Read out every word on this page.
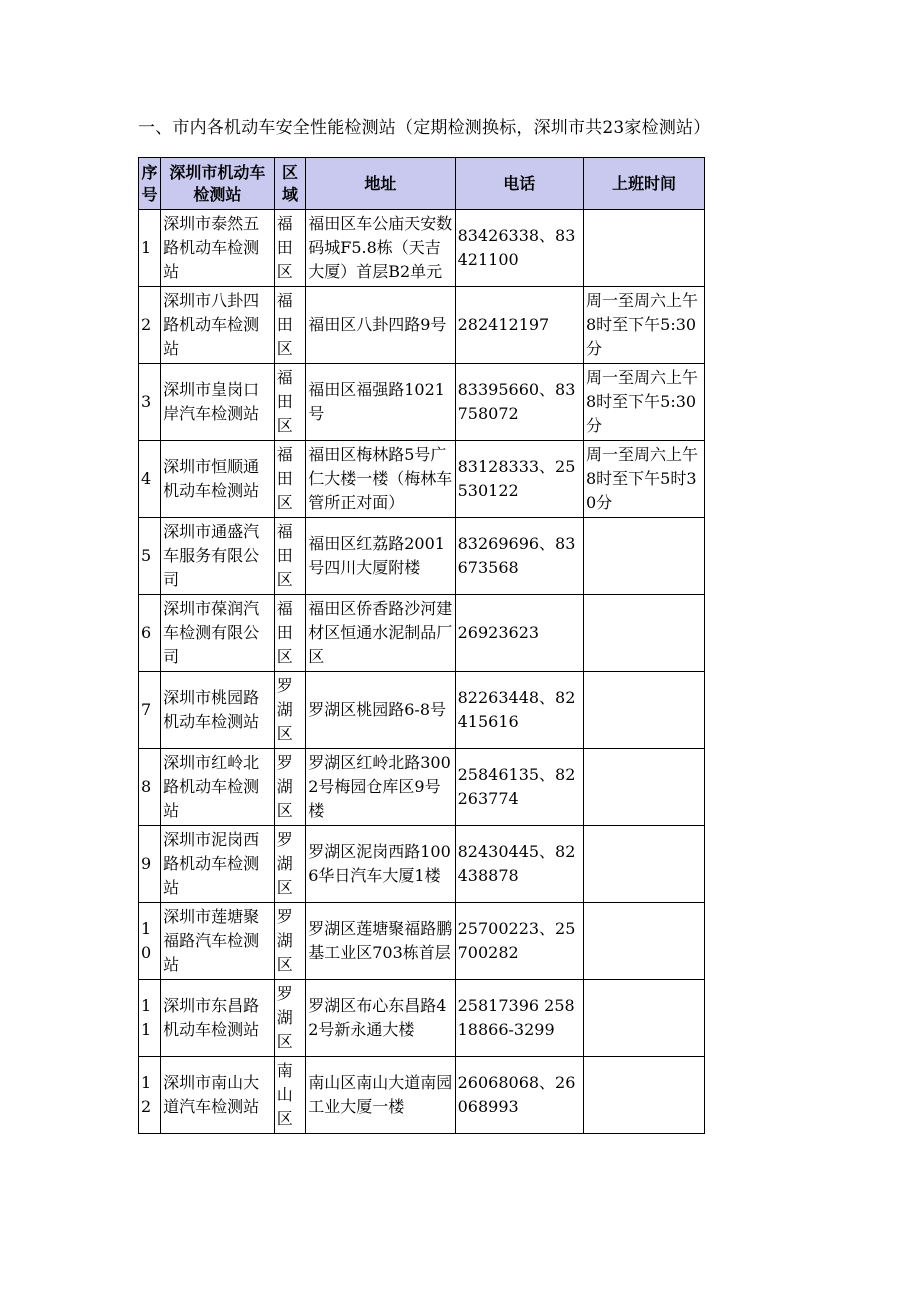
一、市内各机动车安全性能检测站（定期检测换标，深圳市共23家检测站）
序号	深圳市机动车检测站	区域	地址	电话	上班时间
1	深圳市泰然五路机动车检测站	福田区	福田区车公庙天安数码城F5.8栋（天吉大厦）首层B2单元	83426338、83421100	
2	深圳市八卦四路机动车检测站	福田区	福田区八卦四路9号	282412197	周一至周六上午8时至下午5:30分
3	深圳市皇岗口岸汽车检测站	福田区	福田区福强路1021号	83395660、83758072	周一至周六上午8时至下午5:30分
4	深圳市恒顺通机动车检测站	福田区	福田区梅林路5号广仁大楼一楼（梅林车管所正对面）	83128333、25530122	周一至周六上午8时至下午5时30分
5	深圳市通盛汽车服务有限公司	福田区	福田区红荔路2001号四川大厦附楼	83269696、83673568	
6	深圳市葆润汽车检测有限公司	福田区	福田区侨香路沙河建材区恒通水泥制品厂区	26923623	
7	深圳市桃园路机动车检测站	罗湖区	罗湖区桃园路6-8号	82263448、82415616	
8	深圳市红岭北路机动车检测站	罗湖区	罗湖区红岭北路3002号梅园仓库区9号楼	25846135、82263774	
9	深圳市泥岗西路机动车检测站	罗湖区	罗湖区泥岗西路1006华日汽车大厦1楼	82430445、82438878	
10	深圳市莲塘聚福路汽车检测站	罗湖区	罗湖区莲塘聚福路鹏基工业区703栋首层	25700223、25700282	
11	深圳市东昌路机动车检测站	罗湖区	罗湖区布心东昌路42号新永通大楼	25817396 25818866-3299	
12	深圳市南山大道汽车检测站	南山区	南山区南山大道南园工业大厦一楼	26068068、26068993	
